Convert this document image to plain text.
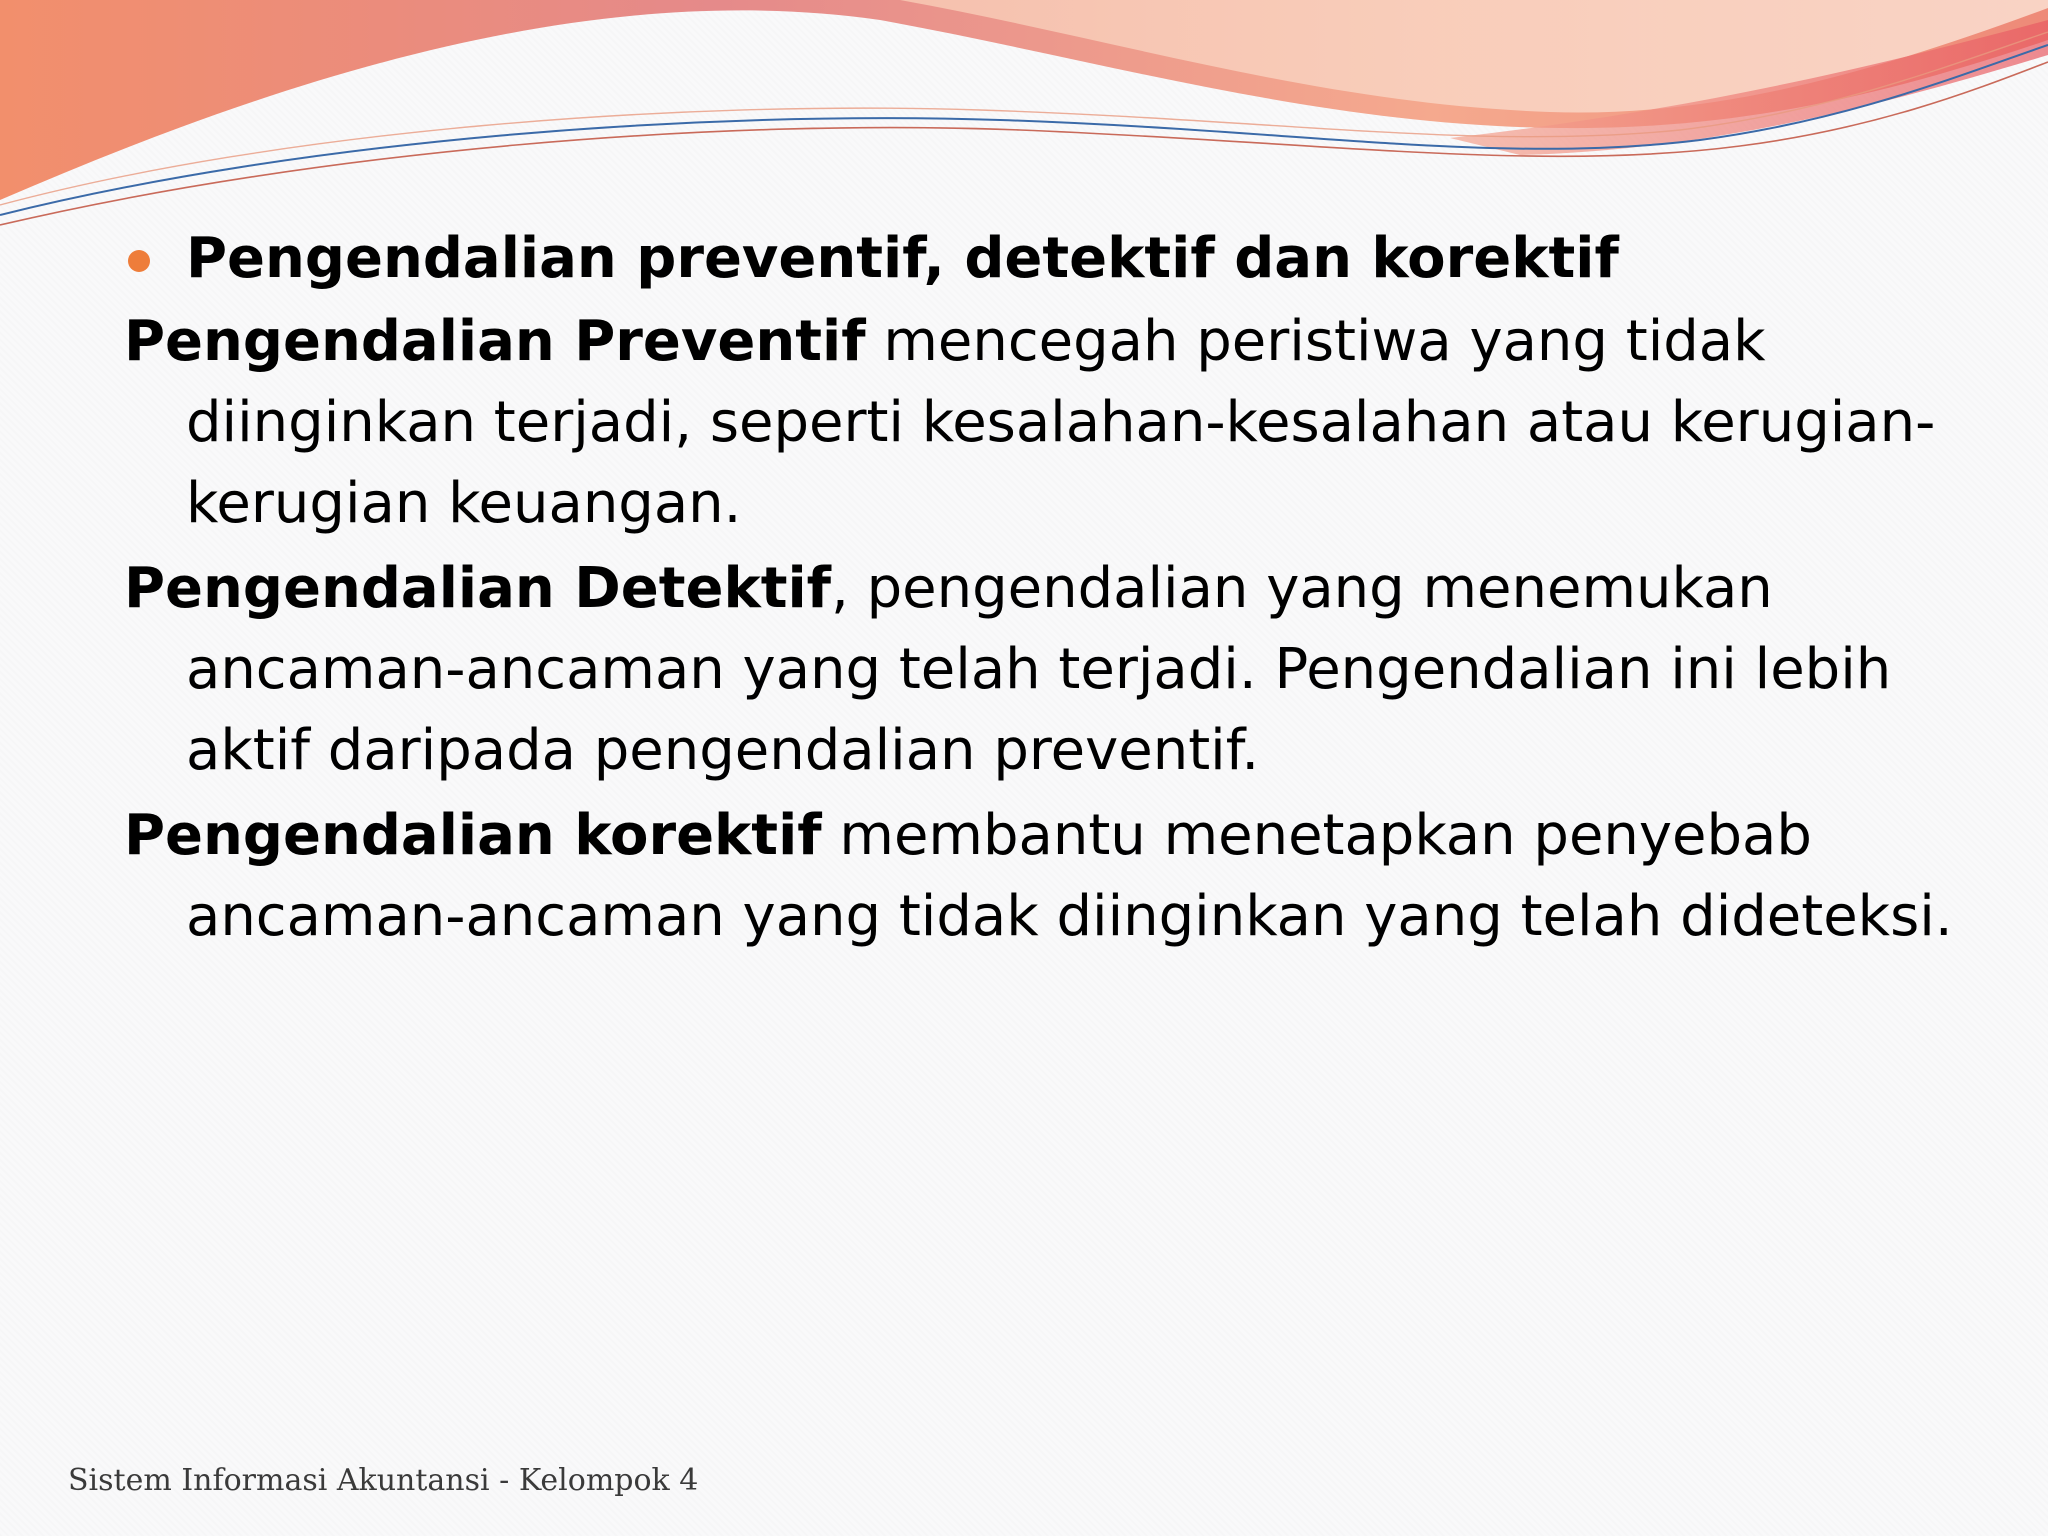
Pengendalian preventif, detektif dan korektif
Pengendalian Preventif mencegah peristiwa yang tidak diinginkan terjadi, seperti kesalahan-kesalahan atau kerugian-kerugian keuangan.
Pengendalian Detektif, pengendalian yang menemukan ancaman-ancaman yang telah terjadi. Pengendalian ini lebih aktif daripada pengendalian preventif.
Pengendalian korektif membantu menetapkan penyebab ancaman-ancaman yang tidak diinginkan yang telah dideteksi.
Sistem Informasi Akuntansi - Kelompok 4
